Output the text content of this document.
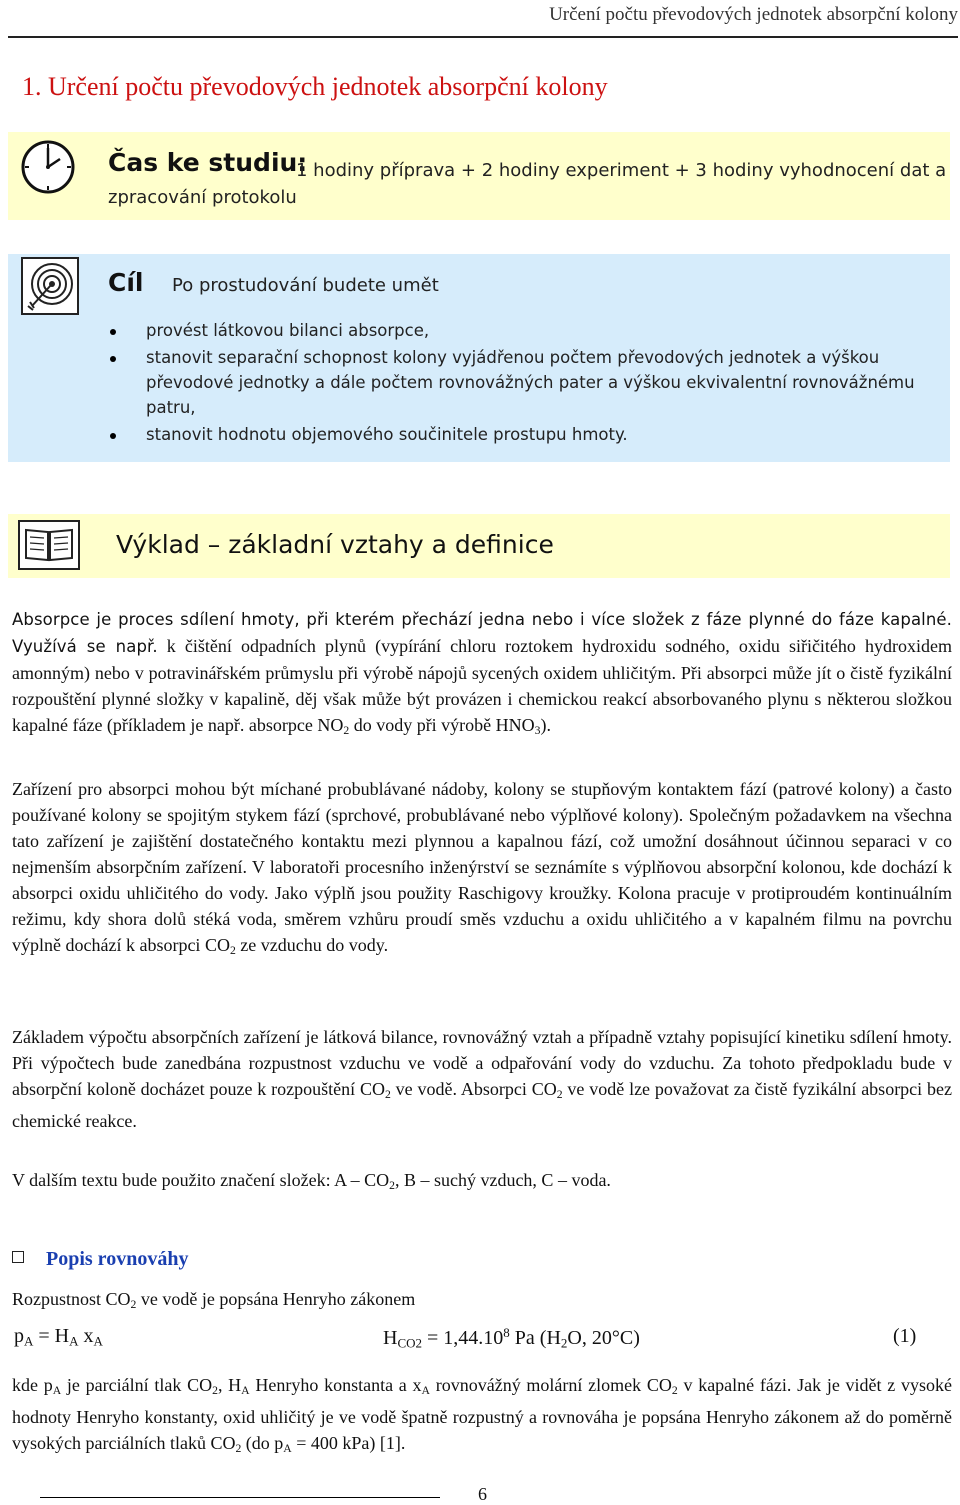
Určení počtu převodových jednotek absorpční kolony
1. Určení počtu převodových jednotek absorpční kolony
Čas ke studiu:
1 hodiny příprava + 2 hodiny experiment + 3 hodiny vyhodnocení dat a zpracování protokolu
Cíl Po prostudování budete umět
provést látkovou bilanci absorpce,
stanovit separační schopnost kolony vyjádřenou počtem převodových jednotek a výškou převodové jednotky a dále počtem rovnovážných pater a výškou ekvivalentní rovnovážnému patru,
stanovit hodnotu objemového součinitele prostupu hmoty.
Výklad – základní vztahy a definice

Absorpce je proces sdílení hmoty, při kterém přechází jedna nebo i více složek z fáze plynné do fáze kapalné. Využívá se např. k čištění odpadních plynů (vypírání chloru roztokem hydroxidu sodného, oxidu siřičitého hydroxidem amonným) nebo v potravinářském průmyslu při výrobě nápojů sycených oxidem uhličitým. Při absorpci může jít o čistě fyzikální rozpouštění plynné složky v kapalině, děj však může být provázen i chemickou reakcí absorbovaného plynu s některou složkou kapalné fáze (příkladem je např. absorpce $NO_2$ do vody při výrobě $HNO_3$).

Zařízení pro absorpci mohou být míchané probublávané nádoby, kolony se stupňovým kontaktem fází (patrové kolony) a často používané kolony se spojitým stykem fází (sprchové, probublávané nebo výplňové kolony). Společným požadavkem na všechna tato zařízení je zajištění dostatečného kontaktu mezi plynnou a kapalnou fází, což umožní dosáhnout účinnou separaci v co nejmenším absorpčním zařízení. V laboratoři procesního inženýrství se seznámíte s výplňovou absorpční kolonou, kde dochází k absorpci oxidu uhličitého do vody. Jako výplň jsou použity Raschigovy kroužky. Kolona pracuje v protiproudém kontinuálním režimu, kdy shora dolů stéká voda, směrem vzhůru proudí směs vzduchu a oxidu uhličitého a v kapalném filmu na povrchu výplně dochází k absorpci $CO_2$ ze vzduchu do vody.

Základem výpočtu absorpčních zařízení je látková bilance, rovnovážný vztah a případně vztahy popisující kinetiku sdílení hmoty. Při výpočtech bude zanedbána rozpustnost vzduchu ve vodě a odpařování vody do vzduchu. Za tohoto předpokladu bude v absorpční koloně docházet pouze k rozpouštění $CO_2$ ve vodě. Absorpci $CO_2$ ve vodě lze považovat za čistě fyzikální absorpci bez chemické reakce.

V dalším textu bude použito značení složek: A – $CO_2$, B – suchý vzduch, C – voda.

Popis rovnováhy

Rozpustnost $CO_2$ ve vodě je popsána Henryho zákonem

$p_A = H_A$ $x_A$	$H_{CO2} = 1,44.10^8$ Pa ($H_2O$, 20°C)	(1)

kde $p_A$ je parciální tlak $CO_2$, $H_A$ Henryho konstanta a $x_A$ rovnovážný molární zlomek $CO_2$ v kapalné fázi. Jak je vidět z vysoké hodnoty Henryho konstanty, oxid uhličitý je ve vodě špatně rozpustný a rovnováha je popsána Henryho zákonem až do poměrně vysokých parciálních tlaků $CO_2$ (do $p_A = 400$ kPa) [1].

6
